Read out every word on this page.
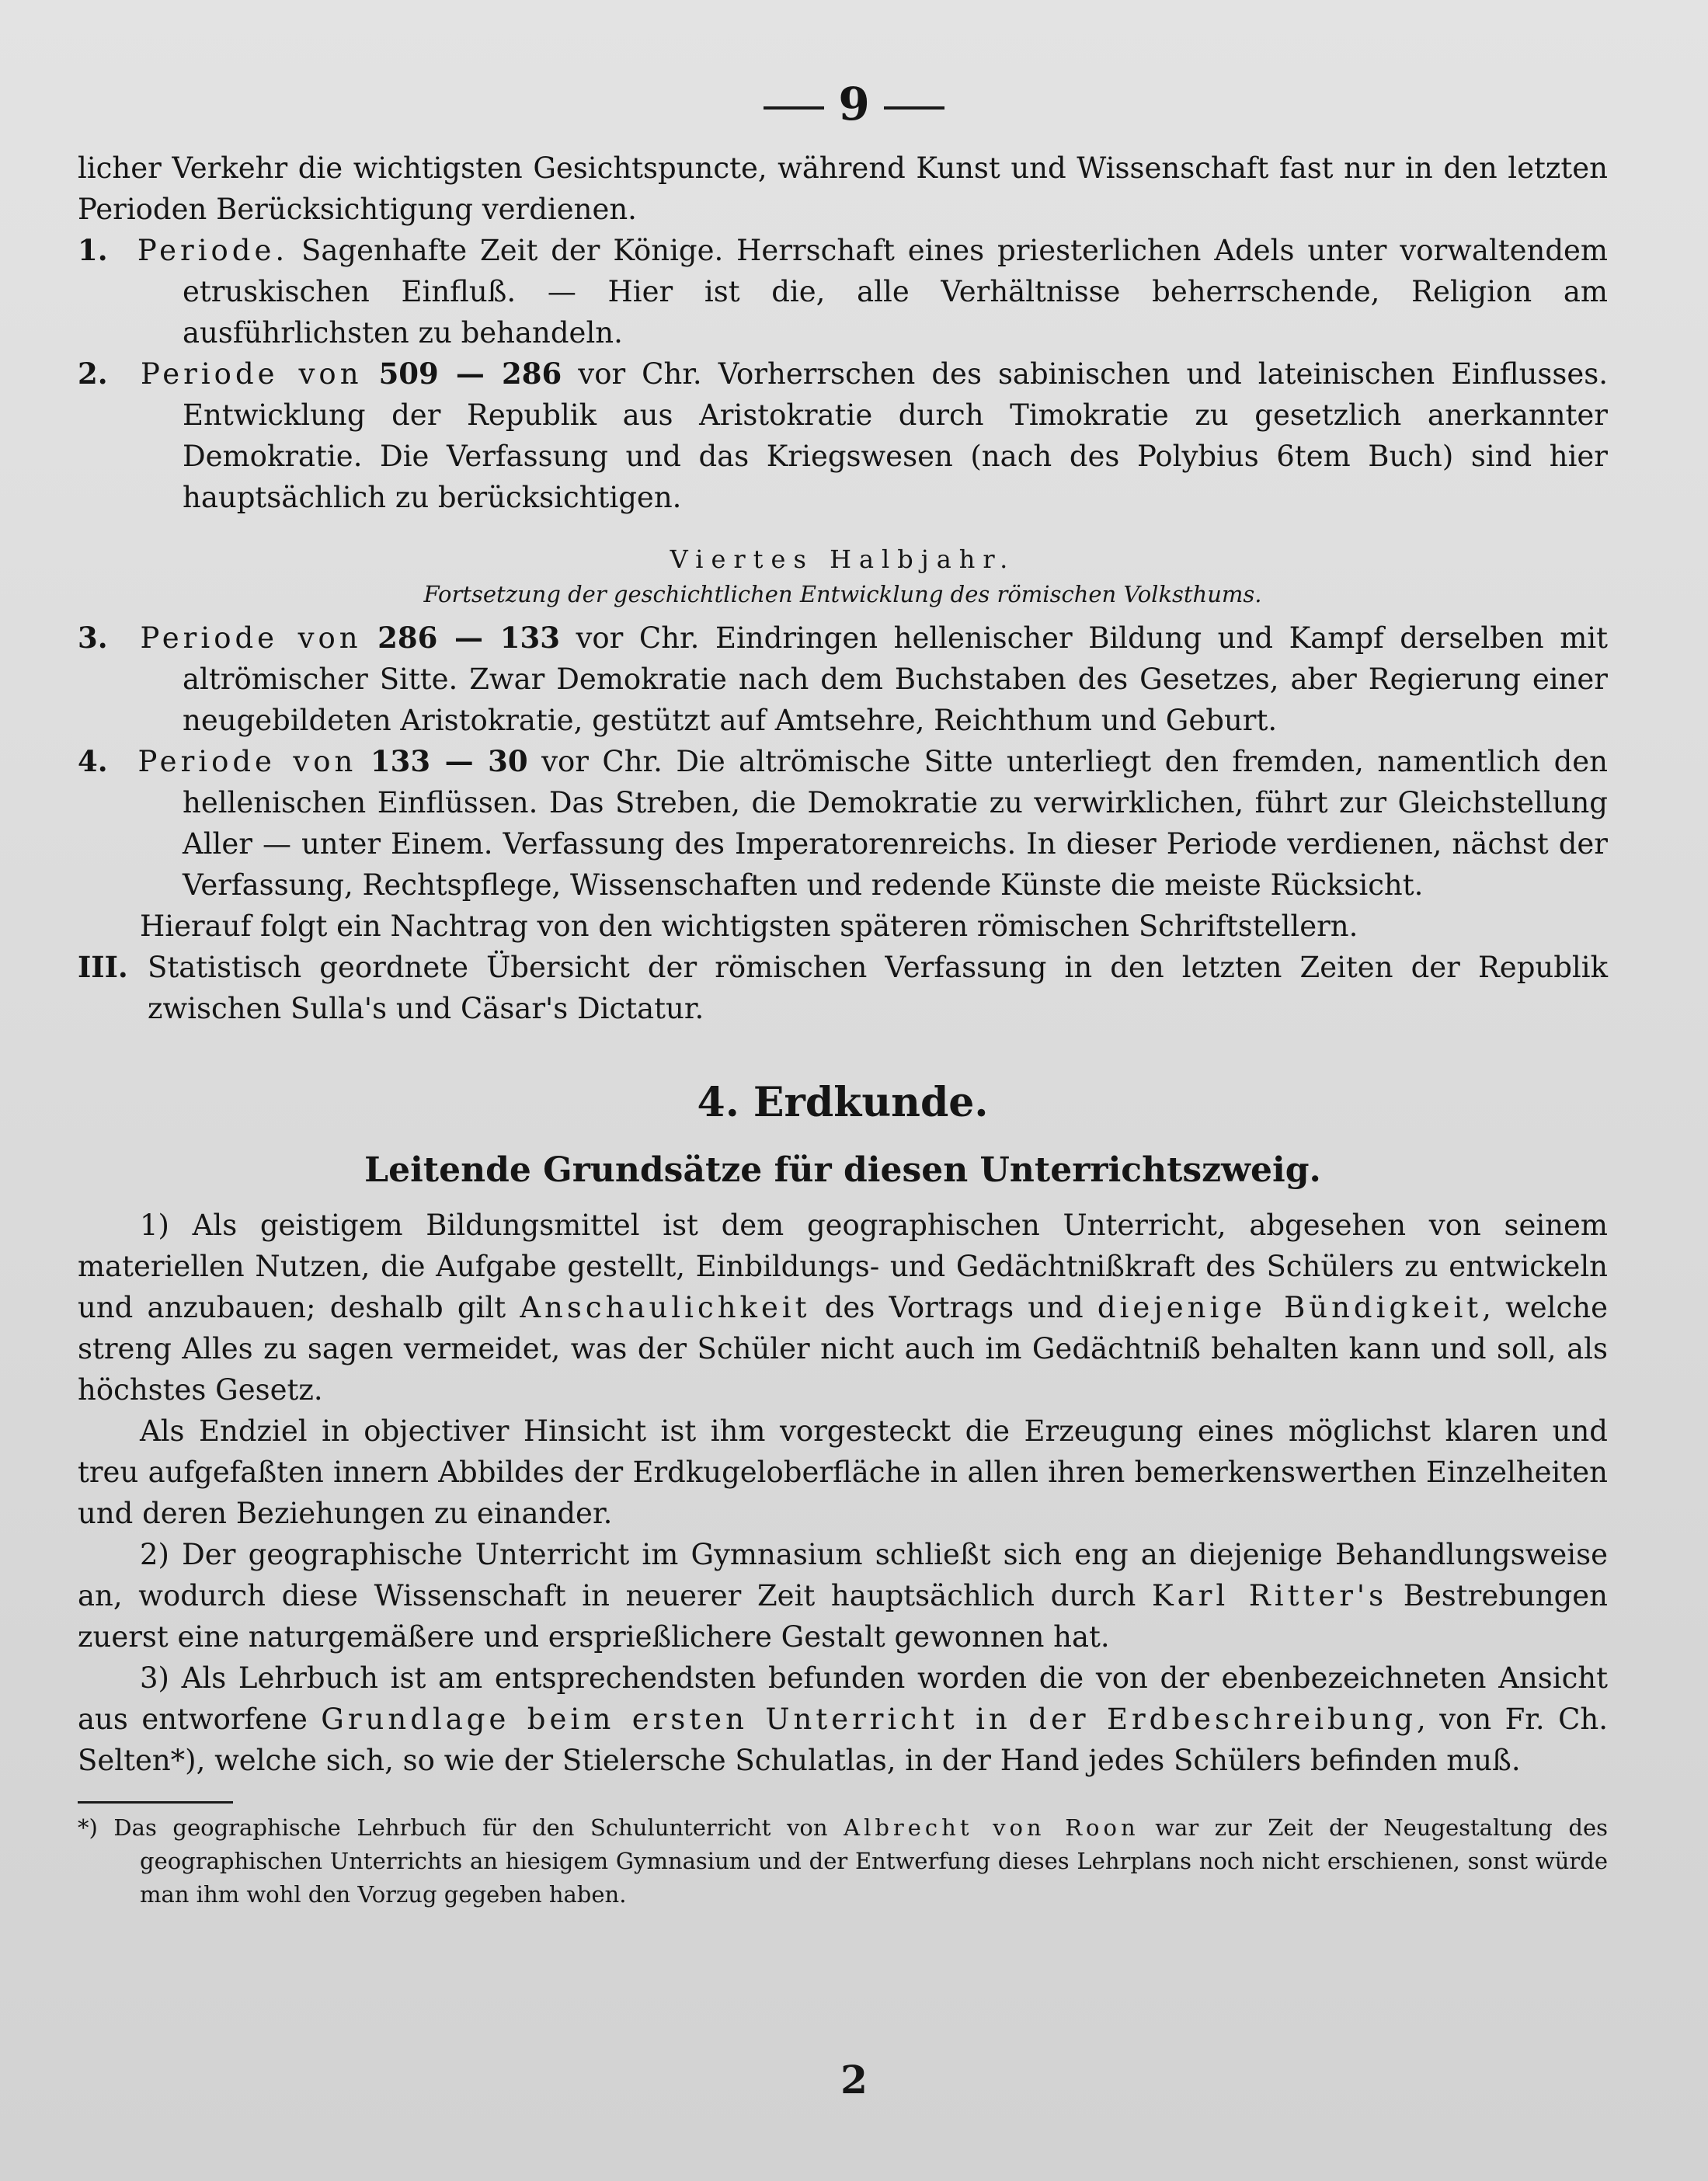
9

licher Verkehr die wichtigsten Gesichtspuncte, während Kunst und Wissenschaft fast nur in den letzten Perioden Berücksichtigung verdienen.

1. Periode. Sagenhafte Zeit der Könige. Herrschaft eines priesterlichen Adels unter vorwaltendem etruskischen Einfluß. — Hier ist die, alle Verhältnisse beherrschende, Religion am ausführlichsten zu behandeln.

2. Periode von 509 — 286 vor Chr. Vorherrschen des sabinischen und lateinischen Einflusses. Entwicklung der Republik aus Aristokratie durch Timokratie zu gesetzlich anerkannter Demokratie. Die Verfassung und das Kriegswesen (nach des Polybius 6tem Buch) sind hier hauptsächlich zu berücksichtigen.

Viertes Halbjahr.

Fortsetzung der geschichtlichen Entwicklung des römischen Volksthums.

3. Periode von 286 — 133 vor Chr. Eindringen hellenischer Bildung und Kampf derselben mit altrömischer Sitte. Zwar Demokratie nach dem Buchstaben des Gesetzes, aber Regierung einer neugebildeten Aristokratie, gestützt auf Amtsehre, Reichthum und Geburt.

4. Periode von 133 — 30 vor Chr. Die altrömische Sitte unterliegt den fremden, namentlich den hellenischen Einflüssen. Das Streben, die Demokratie zu verwirklichen, führt zur Gleichstellung Aller — unter Einem. Verfassung des Imperatorenreichs. In dieser Periode verdienen, nächst der Verfassung, Rechtspflege, Wissenschaften und redende Künste die meiste Rücksicht.

Hierauf folgt ein Nachtrag von den wichtigsten späteren römischen Schriftstellern.

III. Statistisch geordnete Übersicht der römischen Verfassung in den letzten Zeiten der Republik zwischen Sulla's und Cäsar's Dictatur.

4. Erdkunde.

Leitende Grundsätze für diesen Unterrichtszweig.

1) Als geistigem Bildungsmittel ist dem geographischen Unterricht, abgesehen von seinem materiellen Nutzen, die Aufgabe gestellt, Einbildungs- und Gedächtnißkraft des Schülers zu entwickeln und anzubauen; deshalb gilt Anschaulichkeit des Vortrags und diejenige Bündigkeit, welche streng Alles zu sagen vermeidet, was der Schüler nicht auch im Gedächtniß behalten kann und soll, als höchstes Gesetz.

Als Endziel in objectiver Hinsicht ist ihm vorgesteckt die Erzeugung eines möglichst klaren und treu aufgefaßten innern Abbildes der Erdkugeloberfläche in allen ihren bemerkenswerthen Einzelheiten und deren Beziehungen zu einander.

2) Der geographische Unterricht im Gymnasium schließt sich eng an diejenige Behandlungsweise an, wodurch diese Wissenschaft in neuerer Zeit hauptsächlich durch Karl Ritter's Bestrebungen zuerst eine naturgemäßere und ersprießlichere Gestalt gewonnen hat.

3) Als Lehrbuch ist am entsprechendsten befunden worden die von der ebenbezeichneten Ansicht aus entworfene Grundlage beim ersten Unterricht in der Erdbeschreibung, von Fr. Ch. Selten*), welche sich, so wie der Stielersche Schulatlas, in der Hand jedes Schülers befinden muß.

*) Das geographische Lehrbuch für den Schulunterricht von Albrecht von Roon war zur Zeit der Neugestaltung des geographischen Unterrichts an hiesigem Gymnasium und der Entwerfung dieses Lehrplans noch nicht erschienen, sonst würde man ihm wohl den Vorzug gegeben haben.

2
